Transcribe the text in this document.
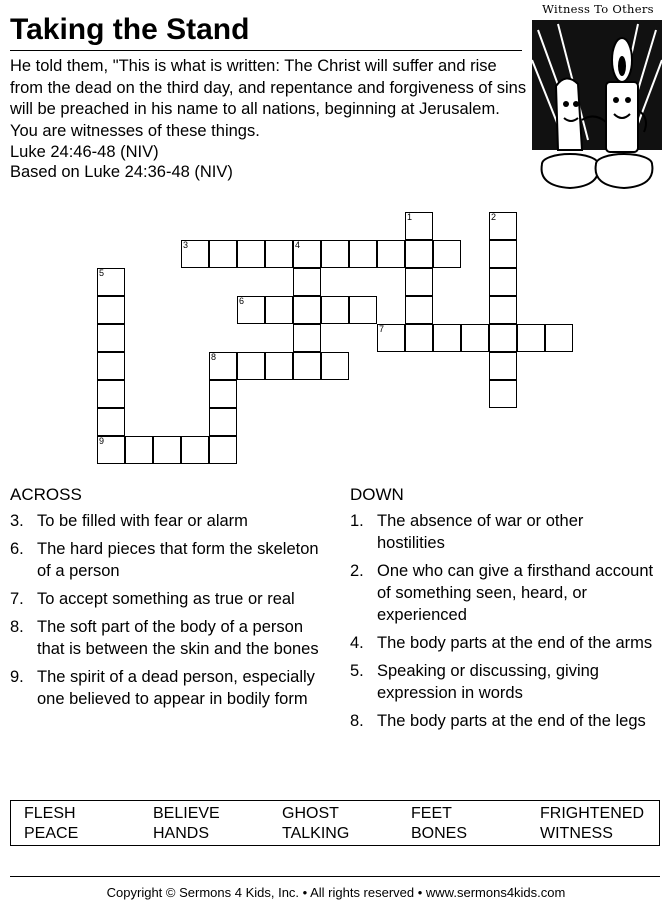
Taking the Stand

He told them, "This is what is written: The Christ will suffer and rise from the dead on the third day, and repentance and forgiveness of sins will be preached in his name to all nations, beginning at Jerusalem. You are witnesses of these things.
Luke 24:46-48 (NIV)

Based on Luke 24:36-48 (NIV)
Witness To Others
3	4
6
7
8
9
1	2
5
ACROSS
3. To be filled with fear or alarm
6. The hard pieces that form the skeleton of a person
7. To accept something as true or real
8. The soft part of the body of a person that is between the skin and the bones
9. The spirit of a dead person, especially one believed to appear in bodily form
DOWN
1. The absence of war or other hostilities
2. One who can give a firsthand account of something seen, heard, or experienced
4. The body parts at the end of the arms
5. Speaking or discussing, giving expression in words
8. The body parts at the end of the legs
FLESH	BELIEVE	GHOST	FEET	FRIGHTENED
PEACE	HANDS	TALKING	BONES	WITNESS
Copyright © Sermons 4 Kids, Inc. • All rights reserved • www.sermons4kids.com
